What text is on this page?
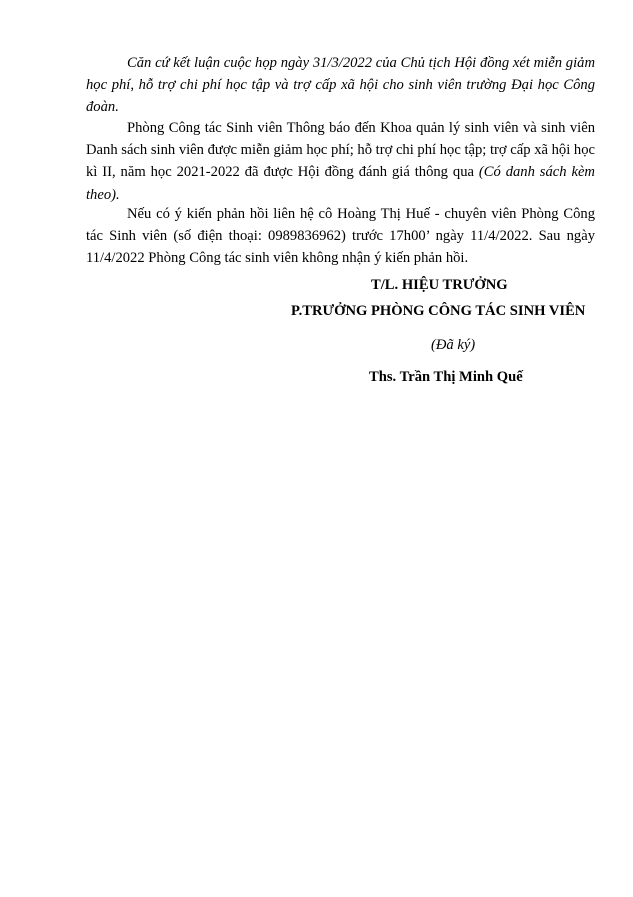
Căn cứ kết luận cuộc họp ngày 31/3/2022 của Chủ tịch Hội đồng xét miễn giảm học phí, hỗ trợ chi phí học tập và trợ cấp xã hội cho sinh viên trường Đại học Công đoàn.

Phòng Công tác Sinh viên Thông báo đến Khoa quản lý sinh viên và sinh viên Danh sách sinh viên được miễn giảm học phí; hỗ trợ chi phí học tập; trợ cấp xã hội học kì II, năm học 2021-2022 đã được Hội đồng đánh giá thông qua (Có danh sách kèm theo).

Nếu có ý kiến phản hồi liên hệ cô Hoàng Thị Huế - chuyên viên Phòng Công tác Sinh viên (số điện thoại: 0989836962) trước 17h00’ ngày 11/4/2022. Sau ngày 11/4/2022 Phòng Công tác sinh viên không nhận ý kiến phản hồi.

T/L. HIỆU TRƯỞNG

P.TRƯỞNG PHÒNG CÔNG TÁC SINH VIÊN

(Đã ký)

Ths. Trần Thị Minh Quế
